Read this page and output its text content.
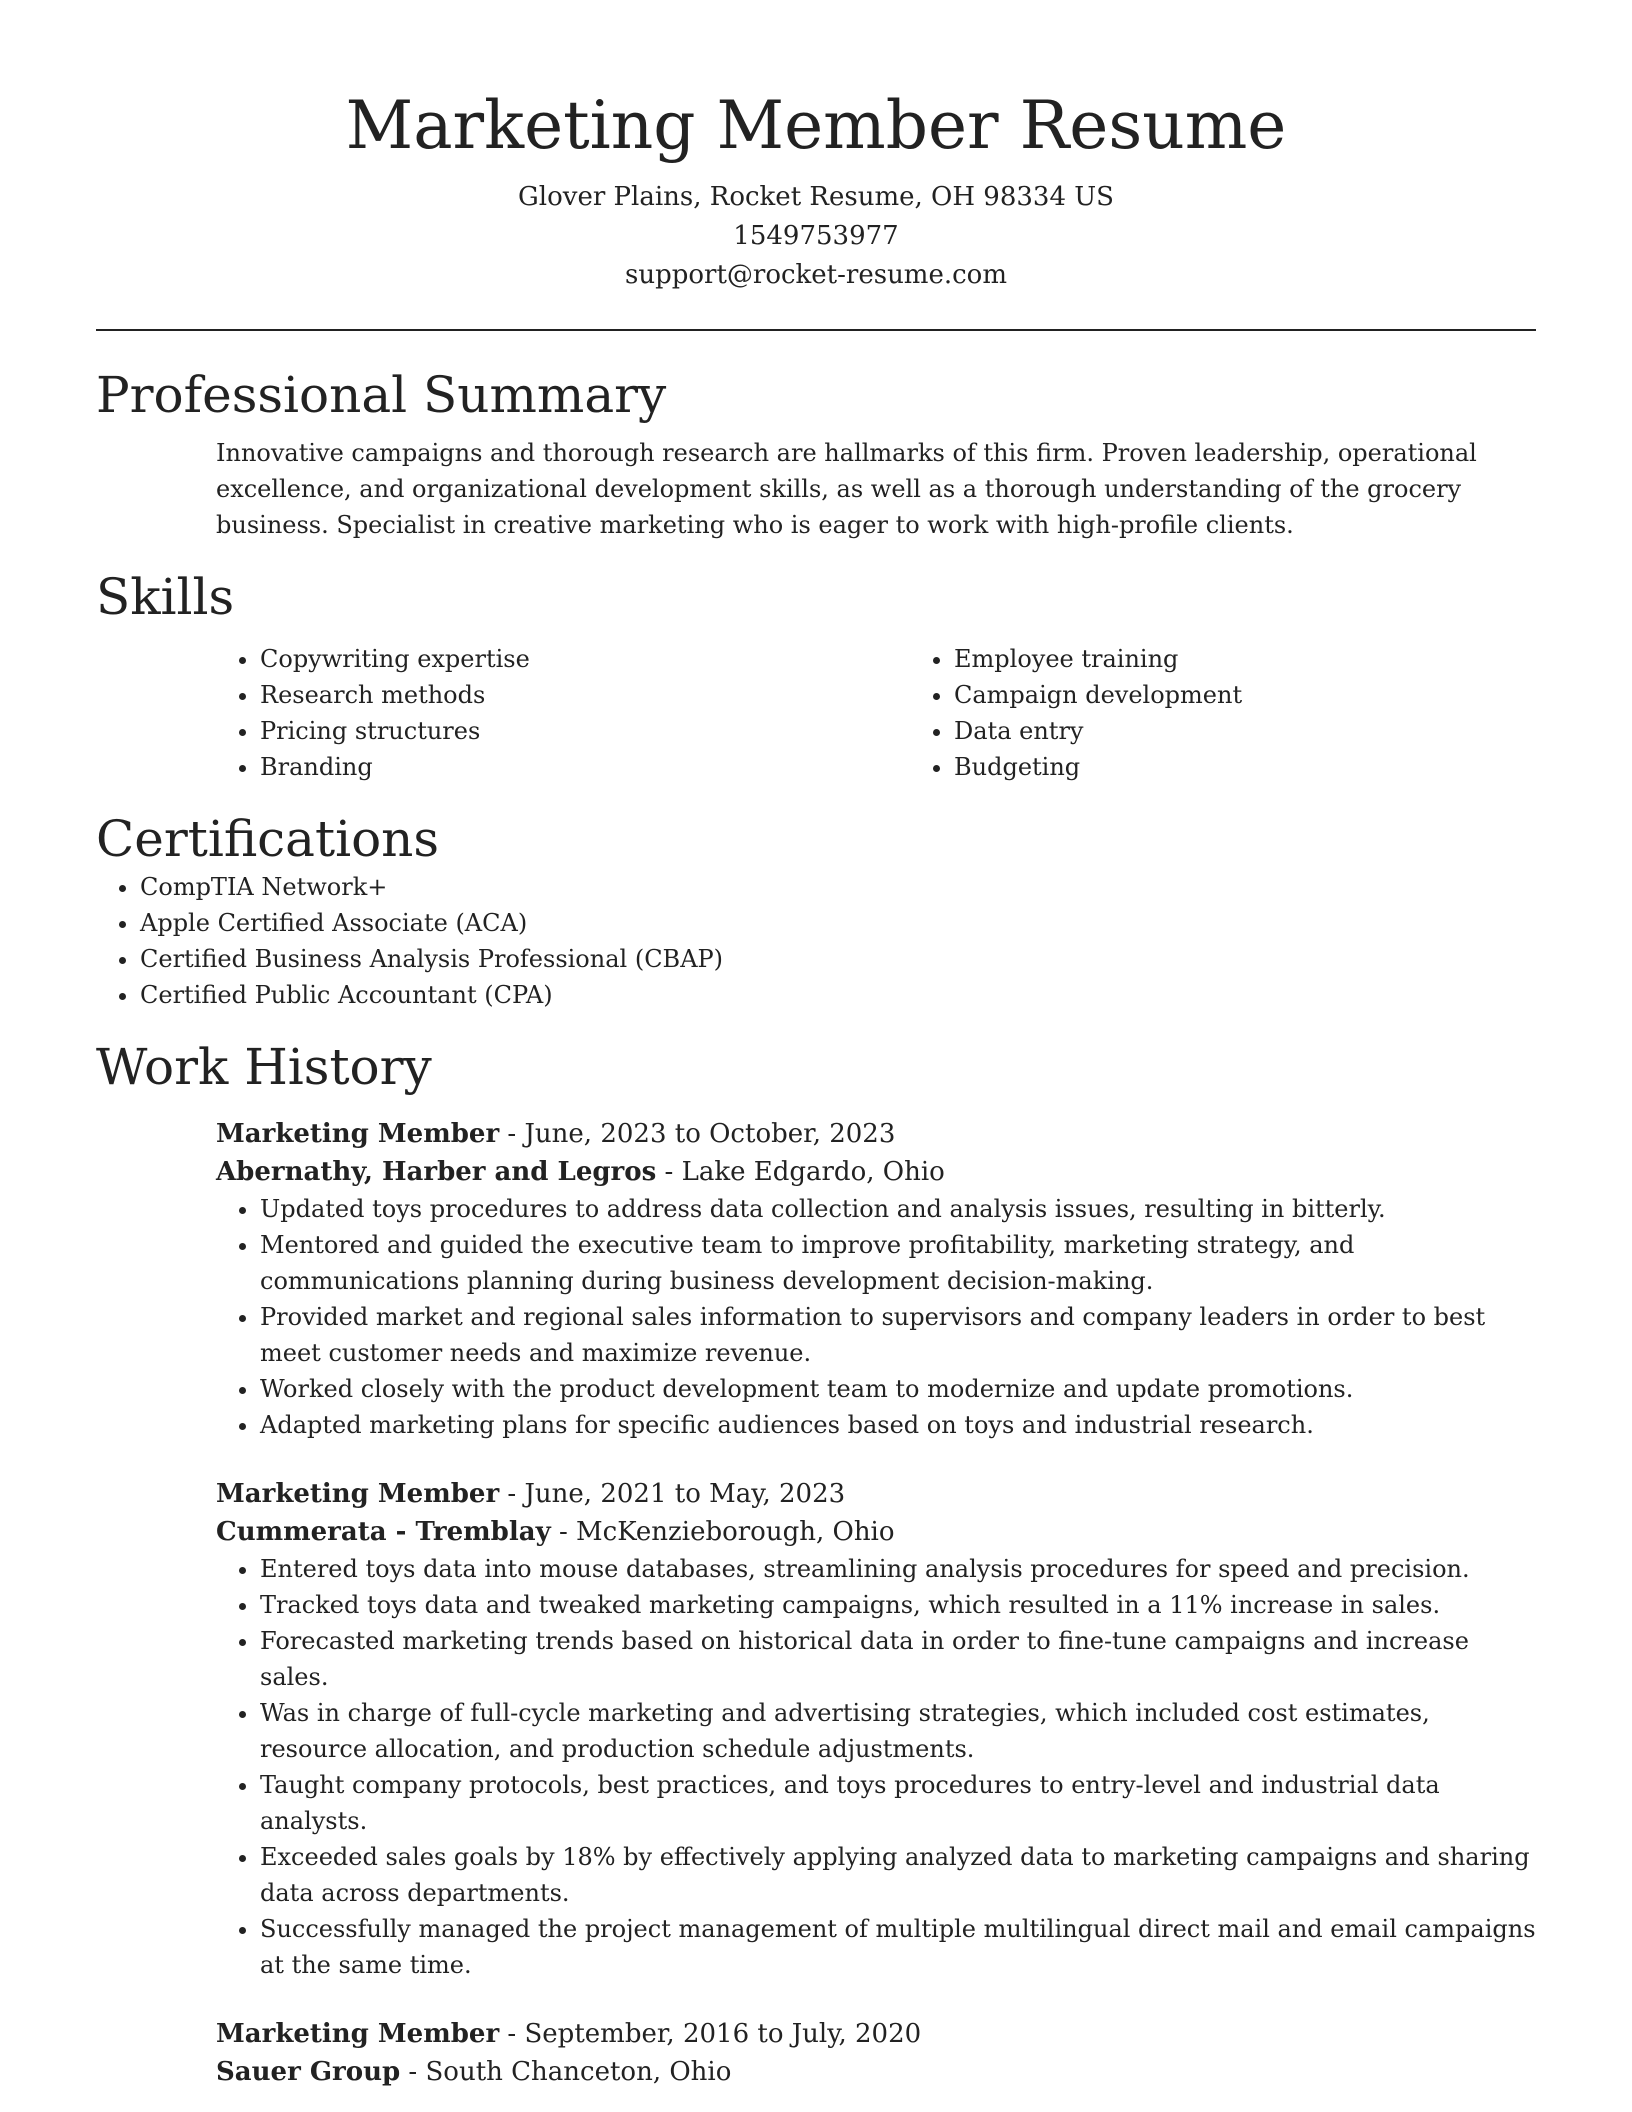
Marketing Member Resume
Glover Plains, Rocket Resume, OH 98334 US
1549753977
support@rocket-resume.com
Professional Summary

Innovative campaigns and thorough research are hallmarks of this firm. Proven leadership, operational excellence, and organizational development skills, as well as a thorough understanding of the grocery business. Specialist in creative marketing who is eager to work with high-profile clients.

Skills
• Copywriting expertise
• Research methods
• Pricing structures
• Branding
• Employee training
• Campaign development
• Data entry
• Budgeting
Certifications
• CompTIA Network+
• Apple Certified Associate (ACA)
• Certified Business Analysis Professional (CBAP)
• Certified Public Accountant (CPA)
Work History
Marketing Member - June, 2023 to October, 2023
Abernathy, Harber and Legros - Lake Edgardo, Ohio
• Updated toys procedures to address data collection and analysis issues, resulting in bitterly.
• Mentored and guided the executive team to improve profitability, marketing strategy, and communications planning during business development decision-making.
• Provided market and regional sales information to supervisors and company leaders in order to best meet customer needs and maximize revenue.
• Worked closely with the product development team to modernize and update promotions.
• Adapted marketing plans for specific audiences based on toys and industrial research.
Marketing Member - June, 2021 to May, 2023
Cummerata - Tremblay - McKenzieborough, Ohio
• Entered toys data into mouse databases, streamlining analysis procedures for speed and precision.
• Tracked toys data and tweaked marketing campaigns, which resulted in a 11% increase in sales.
• Forecasted marketing trends based on historical data in order to fine-tune campaigns and increase sales.
• Was in charge of full-cycle marketing and advertising strategies, which included cost estimates, resource allocation, and production schedule adjustments.
• Taught company protocols, best practices, and toys procedures to entry-level and industrial data analysts.
• Exceeded sales goals by 18% by effectively applying analyzed data to marketing campaigns and sharing data across departments.
• Successfully managed the project management of multiple multilingual direct mail and email campaigns at the same time.
Marketing Member - September, 2016 to July, 2020
Sauer Group - South Chanceton, Ohio
